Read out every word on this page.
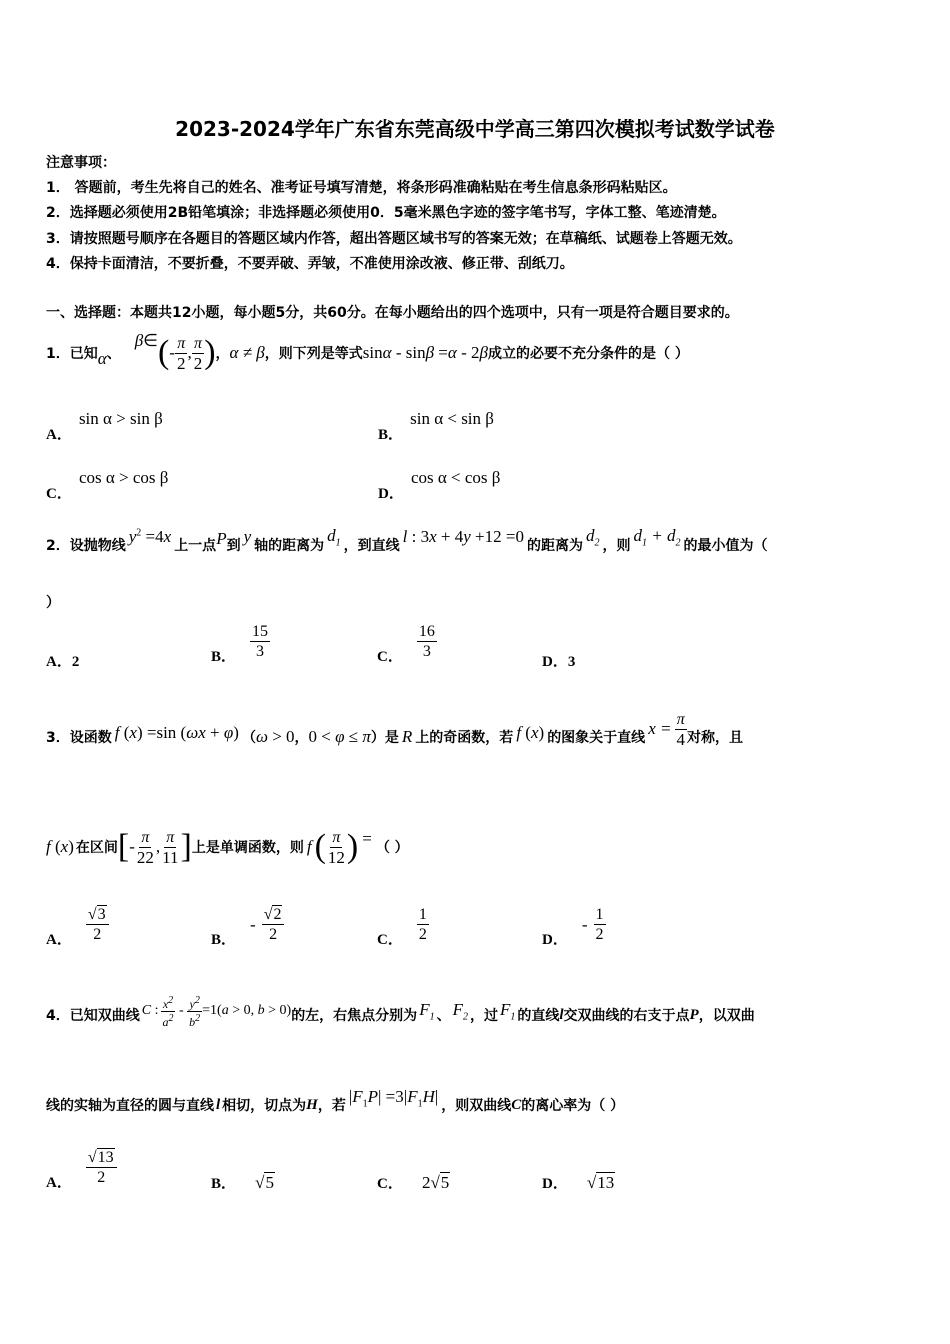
2023-2024学年广东省东莞高级中学高三第四次模拟考试数学试卷
注意事项：
1． 答题前，考生先将自己的姓名、准考证号填写清楚，将条形码准确粘贴在考生信息条形码粘贴区。
2．选择题必须使用2B铅笔填涂；非选择题必须使用0．5毫米黑色字迹的签字笔书写，字体工整、笔迹清楚。
3．请按照题号顺序在各题目的答题区域内作答，超出答题区域书写的答案无效；在草稿纸、试题卷上答题无效。
4．保持卡面清洁，不要折叠，不要弄破、弄皱，不准使用涂改液、修正带、刮纸刀。
一、选择题：本题共12小题，每小题5分，共60分。在每小题给出的四个选项中，只有一项是符合题目要求的。
1．已知 α 、
β ∈ ( - $\frac{\pi}{2}$ , $\frac{\pi}{2}$ ) ， α ≠ β ，则下列是等式 sinα - sinβ =α - 2β 成立的必要不充分条件的是（ ）
A． sin α > sin β
B． sin α < sin β
C． cos α > cos β
D． cos α < cos β
2．设抛物线 $y^2 =4x$ 上一点 P 到 y 轴的距离为
$d_1$ ，到直线 l : 3x + 4y +12 =0 的距离为
$d_2$ ，则
$d_1 + d_2$ 的最小值为（
）
A．2	B． $\frac{15}{3}$	C． $\frac{16}{3}$
D．3
3．设函数 f (x) =sin (ωx + φ) （ ω > 0 ， 0 < φ ≤ π ）是 R 上的奇函数，若 f (x) 的图象关于直线 $x = \frac{\pi}{4}$ 对称，且
f (x) 在区间 [ - $\frac{\pi}{22}$ , $\frac{\pi}{11}$ ] 上是单调函数，则 f ( $\frac{\pi}{12}$ ) = （ ）
A． $\frac{√3}{2}$	B．
- $\frac{√2}{2}$	C． $\frac{1}{2}$	D．
- $\frac{1}{2}$
4．已知双曲线 C : $\frac{x^2}{a^2} - \frac{y^2}{b^2} =1(a > 0$, b > 0) 的左，右焦点分别为 $F_1$ 、 $F_2$ ，过 $F_1$ 的直线 l 交双曲线的右支于点 P ，以双曲
线的实轴为直径的圆与直线 l 相切，切点为 H ，若
$|F_1P| =3|F_1H|$
，则双曲线 C 的离心率为（ ）
A． $\frac{√13}{2}$	B． √5	C． 2√5	D． √13
